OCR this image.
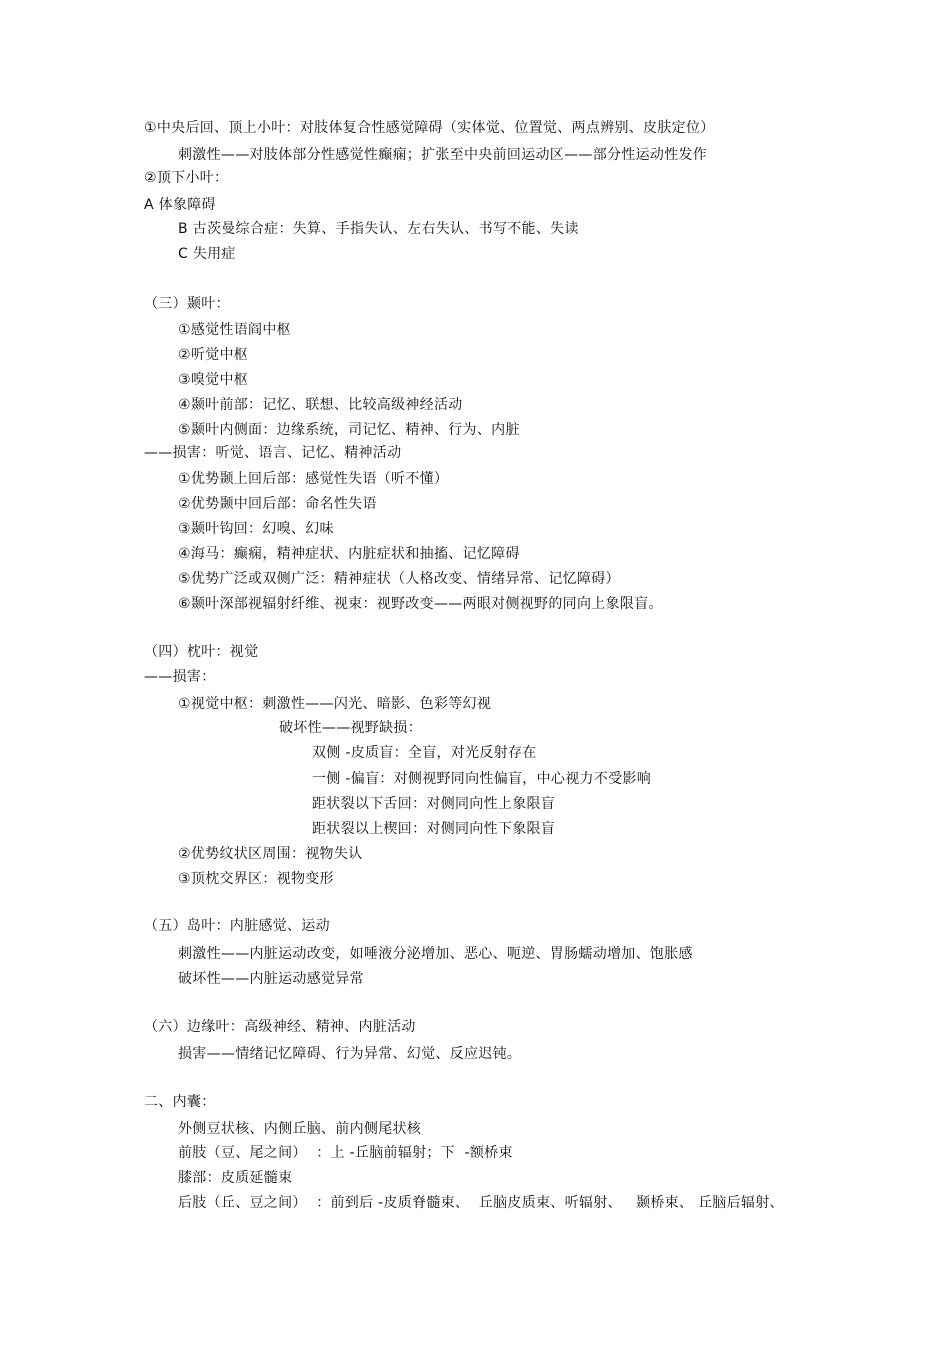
①中央后回、顶上小叶：对肢体复合性感觉障碍（实体觉、位置觉、两点辨别、皮肤定位）
刺激性——对肢体部分性感觉性癫痫；扩张至中央前回运动区——部分性运动性发作
②顶下小叶：
A 体象障碍
B 古茨曼综合症：失算、手指失认、左右失认、书写不能、失读
C 失用症
（三）颞叶：
①感觉性语阎中枢
②听觉中枢
③嗅觉中枢
④颞叶前部：记忆、联想、比较高级神经活动
⑤颞叶内侧面：边缘系统，司记忆、精神、行为、内脏
——损害：听觉、语言、记忆、精神活动
①优势颞上回后部：感觉性失语（听不懂）
②优势颞中回后部：命名性失语
③颞叶钩回：幻嗅、幻味
④海马：癫痫，精神症状、内脏症状和抽搐、记忆障碍
⑤优势广泛或双侧广泛：精神症状（人格改变、情绪异常、记忆障碍）
⑥颞叶深部视辐射纤维、视束：视野改变——两眼对侧视野的同向上象限盲。
（四）枕叶：视觉
——损害：
①视觉中枢：刺激性——闪光、暗影、色彩等幻视
破坏性——视野缺损：
双侧 -皮质盲：全盲，对光反射存在
一侧 -偏盲：对侧视野同向性偏盲，中心视力不受影响
距状裂以下舌回：对侧同向性上象限盲
距状裂以上楔回：对侧同向性下象限盲
②优势纹状区周围：视物失认
③顶枕交界区：视物变形
（五）岛叶：内脏感觉、运动
刺激性——内脏运动改变，如唾液分泌增加、恶心、呃逆、胃肠蠕动增加、饱胀感
破坏性——内脏运动感觉异常
（六）边缘叶：高级神经、精神、内脏活动
损害——情绪记忆障碍、行为异常、幻觉、反应迟钝。
二、内囊：
外侧豆状核、内侧丘脑、前内侧尾状核
前肢（豆、尾之间）  ：上 -丘脑前辐射；下  -额桥束
膝部：皮质延髓束
后肢（丘、豆之间）  ：前到后 -皮质脊髓束、  丘脑皮质束、听辐射、   颞桥束、 丘脑后辐射、
